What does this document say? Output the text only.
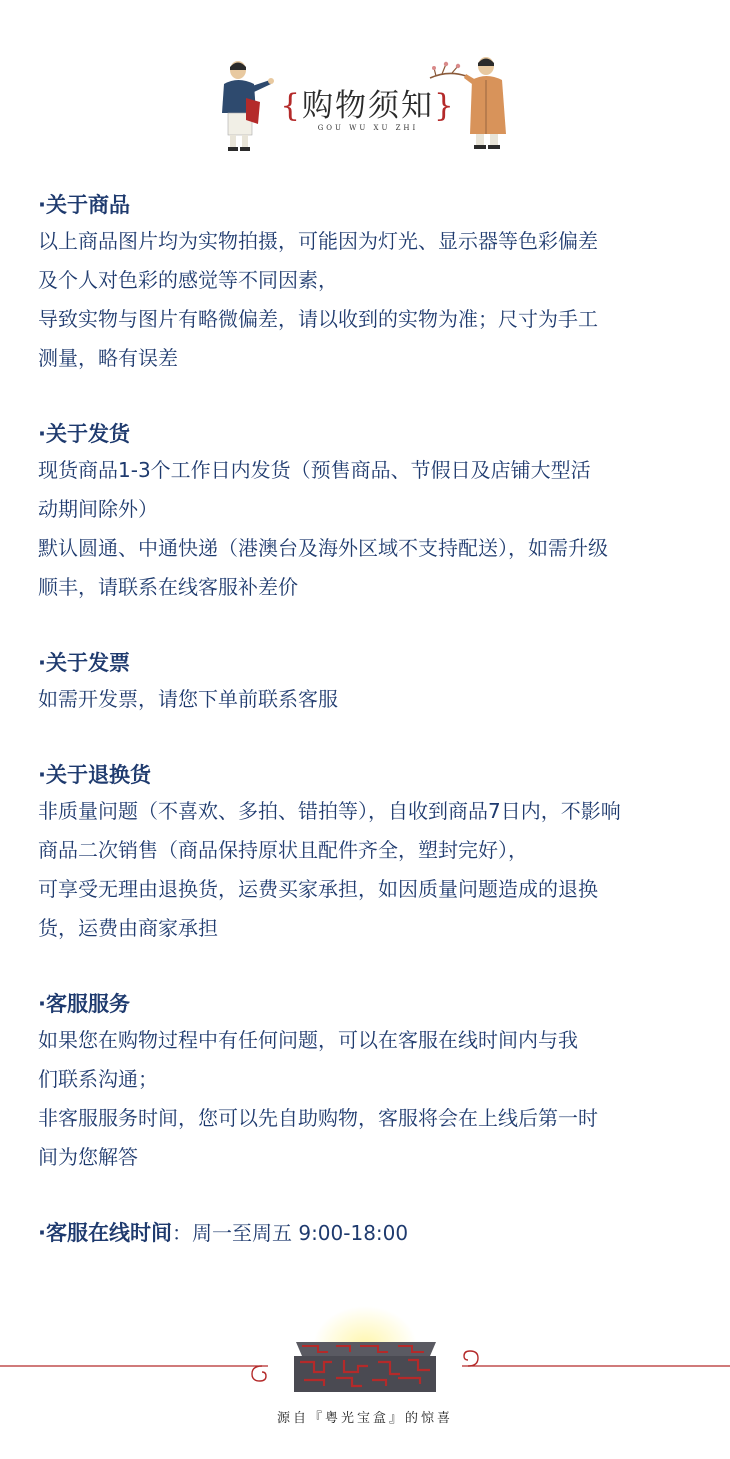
{购物须知}
GOU WU XU ZHI
·关于商品
以上商品图片均为实物拍摄，可能因为灯光、显示器等色彩偏差
及个人对色彩的感觉等不同因素，
导致实物与图片有略微偏差，请以收到的实物为准；尺寸为手工
测量，略有误差
·关于发货
现货商品1-3个工作日内发货（预售商品、节假日及店铺大型活
动期间除外）
默认圆通、中通快递（港澳台及海外区域不支持配送），如需升级
顺丰，请联系在线客服补差价
·关于发票
如需开发票，请您下单前联系客服
·关于退换货
非质量问题（不喜欢、多拍、错拍等），自收到商品7日内，不影响
商品二次销售（商品保持原状且配件齐全，塑封完好），
可享受无理由退换货，运费买家承担，如因质量问题造成的退换
货，运费由商家承担
·客服服务
如果您在购物过程中有任何问题，可以在客服在线时间内与我
们联系沟通；
非客服服务时间，您可以先自助购物，客服将会在上线后第一时
间为您解答
·客服在线时间：周一至周五 9:00-18:00
源自『粤光宝盒』的惊喜
